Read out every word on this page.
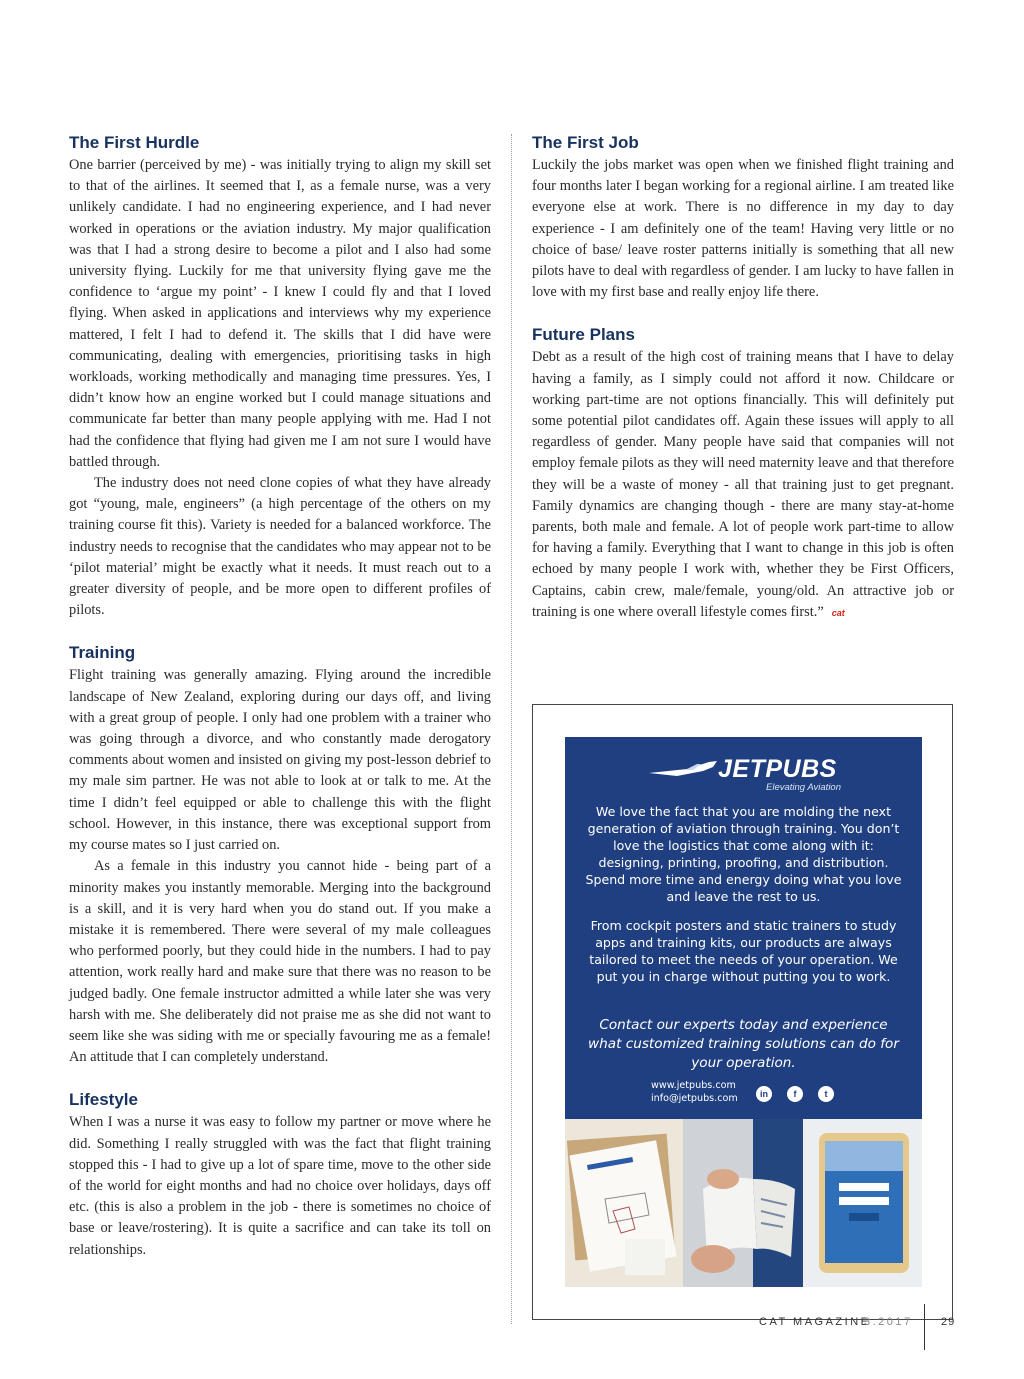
The First Hurdle

One barrier (perceived by me) - was initially trying to align my skill set to that of the airlines. It seemed that I, as a female nurse, was a very unlikely candidate. I had no engineering experience, and I had never worked in operations or the aviation industry. My major qualification was that I had a strong desire to become a pilot and I also had some university flying. Luckily for me that university flying gave me the confidence to ‘argue my point’ - I knew I could fly and that I loved flying. When asked in applications and interviews why my experience mattered, I felt I had to defend it. The skills that I did have were communicating, dealing with emergencies, prioritising tasks in high workloads, working methodically and managing time pressures. Yes, I didn’t know how an engine worked but I could manage situations and communicate far better than many people applying with me. Had I not had the confidence that flying had given me I am not sure I would have battled through.

The industry does not need clone copies of what they have already got “young, male, engineers” (a high percentage of the others on my training course fit this). Variety is needed for a balanced workforce. The industry needs to recognise that the candidates who may appear not to be ‘pilot material’ might be exactly what it needs. It must reach out to a greater diversity of people, and be more open to different profiles of pilots.

Training

Flight training was generally amazing. Flying around the incredible landscape of New Zealand, exploring during our days off, and living with a great group of people. I only had one problem with a trainer who was going through a divorce, and who constantly made derogatory comments about women and insisted on giving my post-lesson debrief to my male sim partner. He was not able to look at or talk to me. At the time I didn’t feel equipped or able to challenge this with the flight school. However, in this instance, there was exceptional support from my course mates so I just carried on.

As a female in this industry you cannot hide - being part of a minority makes you instantly memorable. Merging into the background is a skill, and it is very hard when you do stand out. If you make a mistake it is remembered. There were several of my male colleagues who performed poorly, but they could hide in the numbers. I had to pay attention, work really hard and make sure that there was no reason to be judged badly. One female instructor admitted a while later she was very harsh with me. She deliberately did not praise me as she did not want to seem like she was siding with me or specially favouring me as a female! An attitude that I can completely understand.

Lifestyle

When I was a nurse it was easy to follow my partner or move where he did. Something I really struggled with was the fact that flight training stopped this - I had to give up a lot of spare time, move to the other side of the world for eight months and had no choice over holidays, days off etc. (this is also a problem in the job - there is sometimes no choice of base or leave/rostering). It is quite a sacrifice and can take its toll on relationships.

The First Job

Luckily the jobs market was open when we finished flight training and four months later I began working for a regional airline. I am treated like everyone else at work. There is no difference in my day to day experience - I am definitely one of the team! Having very little or no choice of base/ leave roster patterns initially is something that all new pilots have to deal with regardless of gender. I am lucky to have fallen in love with my first base and really enjoy life there.

Future Plans

Debt as a result of the high cost of training means that I have to delay having a family, as I simply could not afford it now. Childcare or working part-time are not options financially. This will definitely put some potential pilot candidates off. Again these issues will apply to all regardless of gender. Many people have said that companies will not employ female pilots as they will need maternity leave and that therefore they will be a waste of money - all that training just to get pregnant. Family dynamics are changing though - there are many stay-at-home parents, both male and female. A lot of people work part-time to allow for having a family. Everything that I want to change in this job is often echoed by many people I work with, whether they be First Officers, Captains, cabin crew, male/female, young/old. An attractive job or training is one where overall lifestyle comes first.” cat

JETPUBS
Elevating Aviation
We love the fact that you are molding the next generation of aviation through training. You don’t love the logistics that come along with it: designing, printing, proofing, and distribution. Spend more time and energy doing what you love and leave the rest to us.
From cockpit posters and static trainers to study apps and training kits, our products are always tailored to meet the needs of your operation. We put you in charge without putting you to work.
Contact our experts today and experience what customized training solutions can do for your operation.
www.jetpubs.com
info@jetpubs.com	in	f	t
CAT MAGAZINE
3.2017	29
